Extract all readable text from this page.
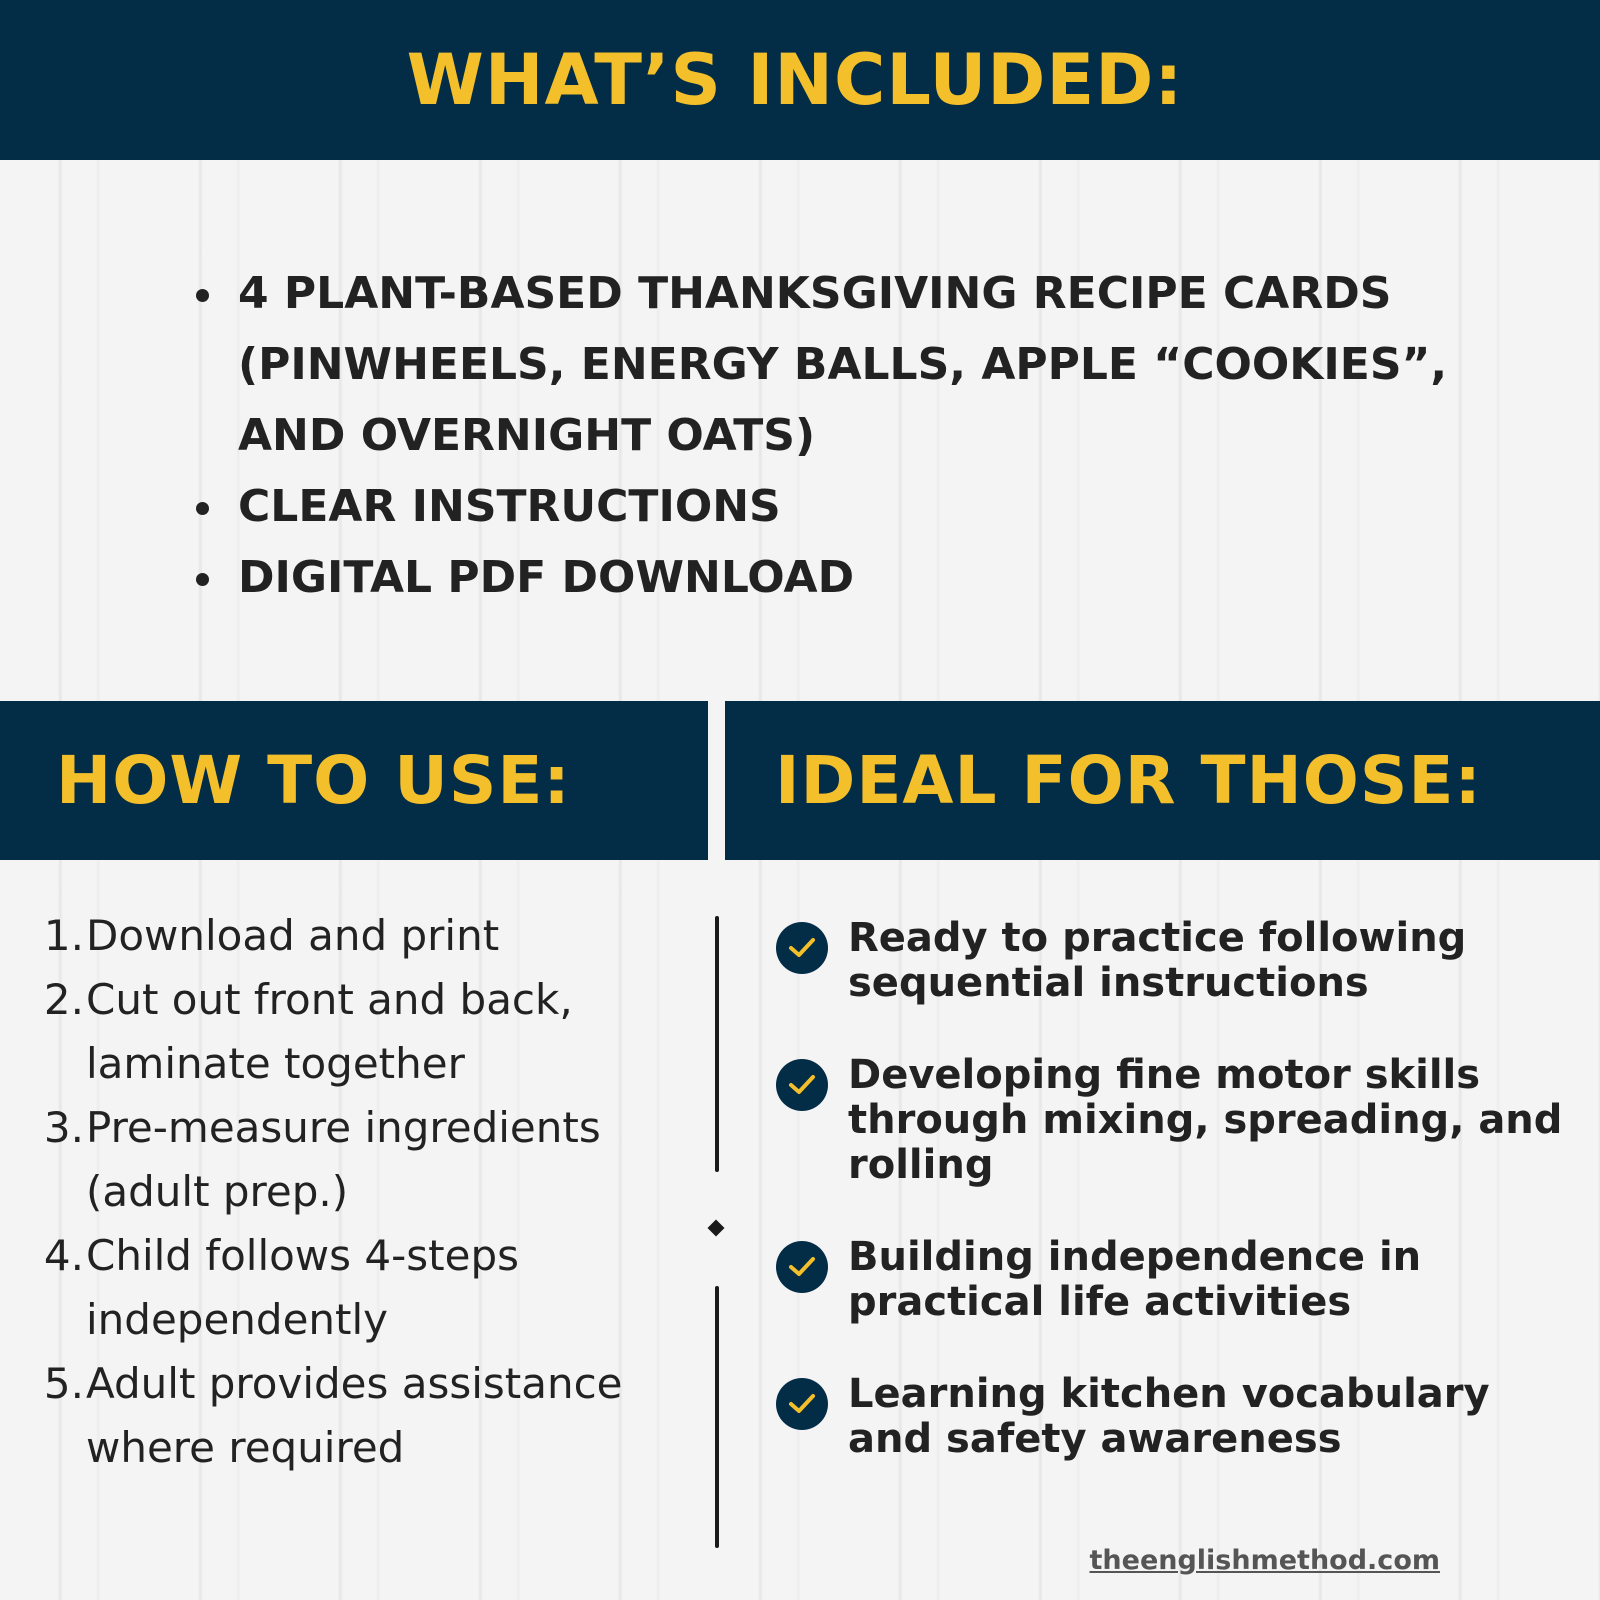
WHAT’S INCLUDED:
4 PLANT-BASED THANKSGIVING RECIPE CARDS (PINWHEELS, ENERGY BALLS, APPLE “COOKIES”, AND OVERNIGHT OATS)
CLEAR INSTRUCTIONS
DIGITAL PDF DOWNLOAD
HOW TO USE:	IDEAL FOR THOSE:
1. Download and print
2. Cut out front and back, laminate together
3. Pre-measure ingredients (adult prep.)
4. Child follows 4-steps independently
5. Adult provides assistance where required
Ready to practice following sequential instructions
Developing fine motor skills through mixing, spreading, and rolling
Building independence in practical life activities
Learning kitchen vocabulary and safety awareness
theenglishmethod.com
